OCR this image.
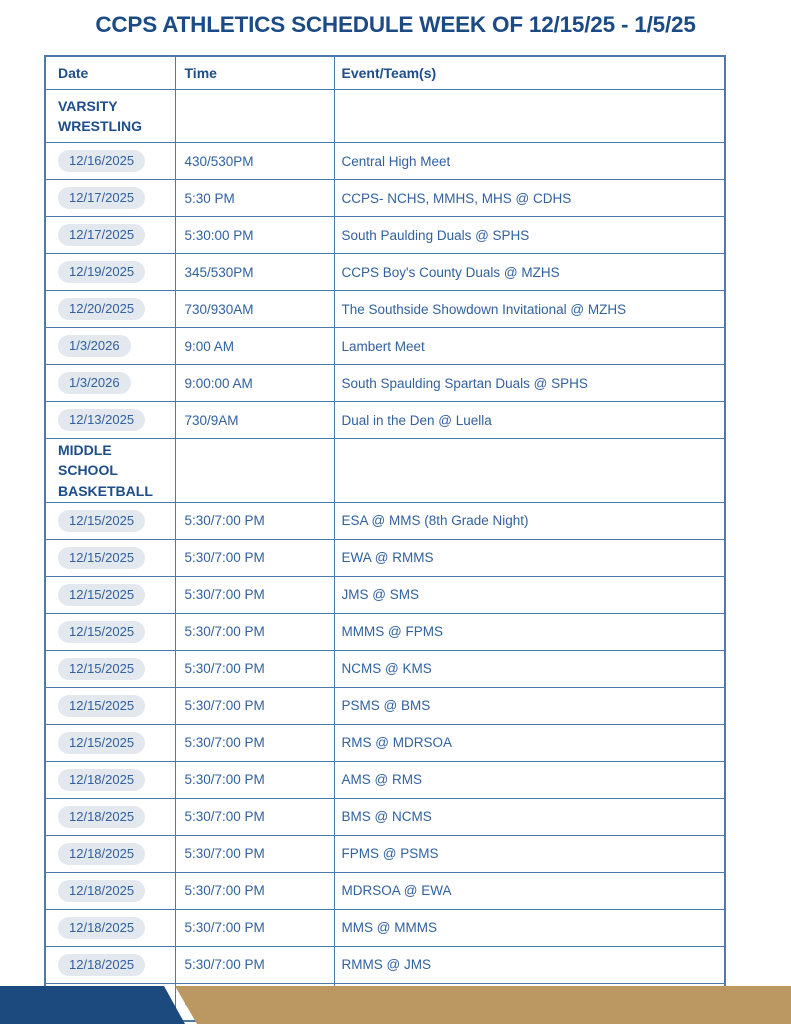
CCPS ATHLETICS SCHEDULE WEEK OF 12/15/25 - 1/5/25
Date	Time	Event/Team(s)
VARSITY WRESTLING		
12/16/2025	430/530PM	Central High Meet
12/17/2025	5:30 PM	CCPS- NCHS, MMHS, MHS @ CDHS
12/17/2025	5:30:00 PM	South Paulding Duals @ SPHS
12/19/2025	345/530PM	CCPS Boy's County Duals @ MZHS
12/20/2025	730/930AM	The Southside Showdown Invitational @ MZHS
1/3/2026	9:00 AM	Lambert Meet
1/3/2026	9:00:00 AM	South Spaulding Spartan Duals @ SPHS
12/13/2025	730/9AM	Dual in the Den @ Luella
MIDDLE SCHOOL BASKETBALL		
12/15/2025	5:30/7:00 PM	ESA @ MMS (8th Grade Night)
12/15/2025	5:30/7:00 PM	EWA @ RMMS
12/15/2025	5:30/7:00 PM	JMS @ SMS
12/15/2025	5:30/7:00 PM	MMMS @ FPMS
12/15/2025	5:30/7:00 PM	NCMS @ KMS
12/15/2025	5:30/7:00 PM	PSMS @ BMS
12/15/2025	5:30/7:00 PM	RMS @ MDRSOA
12/18/2025	5:30/7:00 PM	AMS @ RMS
12/18/2025	5:30/7:00 PM	BMS @ NCMS
12/18/2025	5:30/7:00 PM	FPMS @ PSMS
12/18/2025	5:30/7:00 PM	MDRSOA @ EWA
12/18/2025	5:30/7:00 PM	MMS @ MMMS
12/18/2025	5:30/7:00 PM	RMMS @ JMS
